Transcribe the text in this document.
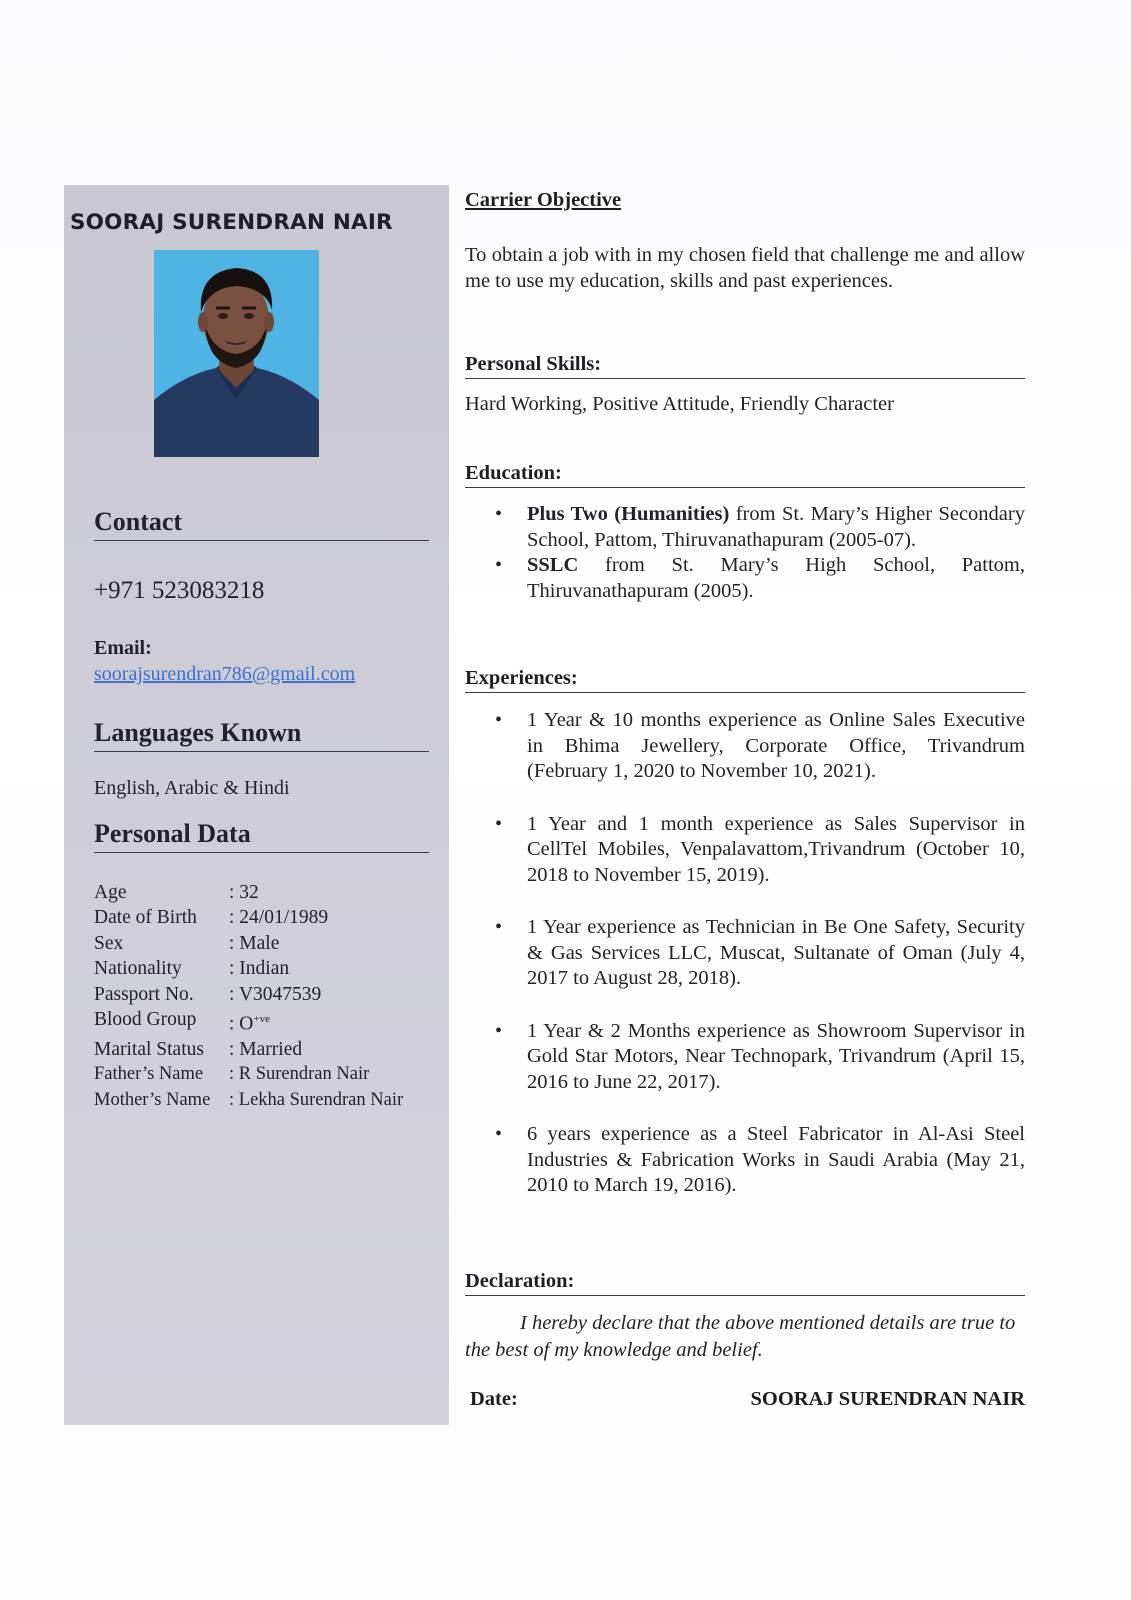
SOORAJ SURENDRAN NAIR
Contact
+971 523083218
Email:
soorajsurendran786@gmail.com
Languages Known
English, Arabic & Hindi
Personal Data
Age	: 32
Date of Birth	: 24/01/1989
Sex	: Male
Nationality	: Indian
Passport No.	: V3047539
Blood Group	: $O^{+ve}$
Marital Status	: Married
Father’s Name	: R Surendran Nair
Mother’s Name	: Lekha Surendran Nair
Carrier Objective
To obtain a job with in my chosen field that challenge me and allow me to use my education, skills and past experiences.
Personal Skills:
Hard Working, Positive Attitude, Friendly Character
Education:
• Plus Two (Humanities) from St. Mary’s Higher Secondary School, Pattom, Thiruvanathapuram (2005-07).
• SSLC from St. Mary’s High School, Pattom, Thiruvanathapuram (2005).
Experiences:
• 1 Year & 10 months experience as Online Sales Executive in Bhima Jewellery, Corporate Office, Trivandrum (February 1, 2020 to November 10, 2021).
• 1 Year and 1 month experience as Sales Supervisor in CellTel Mobiles, Venpalavattom,Trivandrum (October 10, 2018 to November 15, 2019).
• 1 Year experience as Technician in Be One Safety, Security & Gas Services LLC, Muscat, Sultanate of Oman (July 4, 2017 to August 28, 2018).
• 1 Year & 2 Months experience as Showroom Supervisor in Gold Star Motors, Near Technopark, Trivandrum (April 15, 2016 to June 22, 2017).
• 6 years experience as a Steel Fabricator in Al-Asi Steel Industries & Fabrication Works in Saudi Arabia (May 21, 2010 to March 19, 2016).
Declaration:
I hereby declare that the above mentioned details are true to the best of my knowledge and belief.
Date:	SOORAJ SURENDRAN NAIR
